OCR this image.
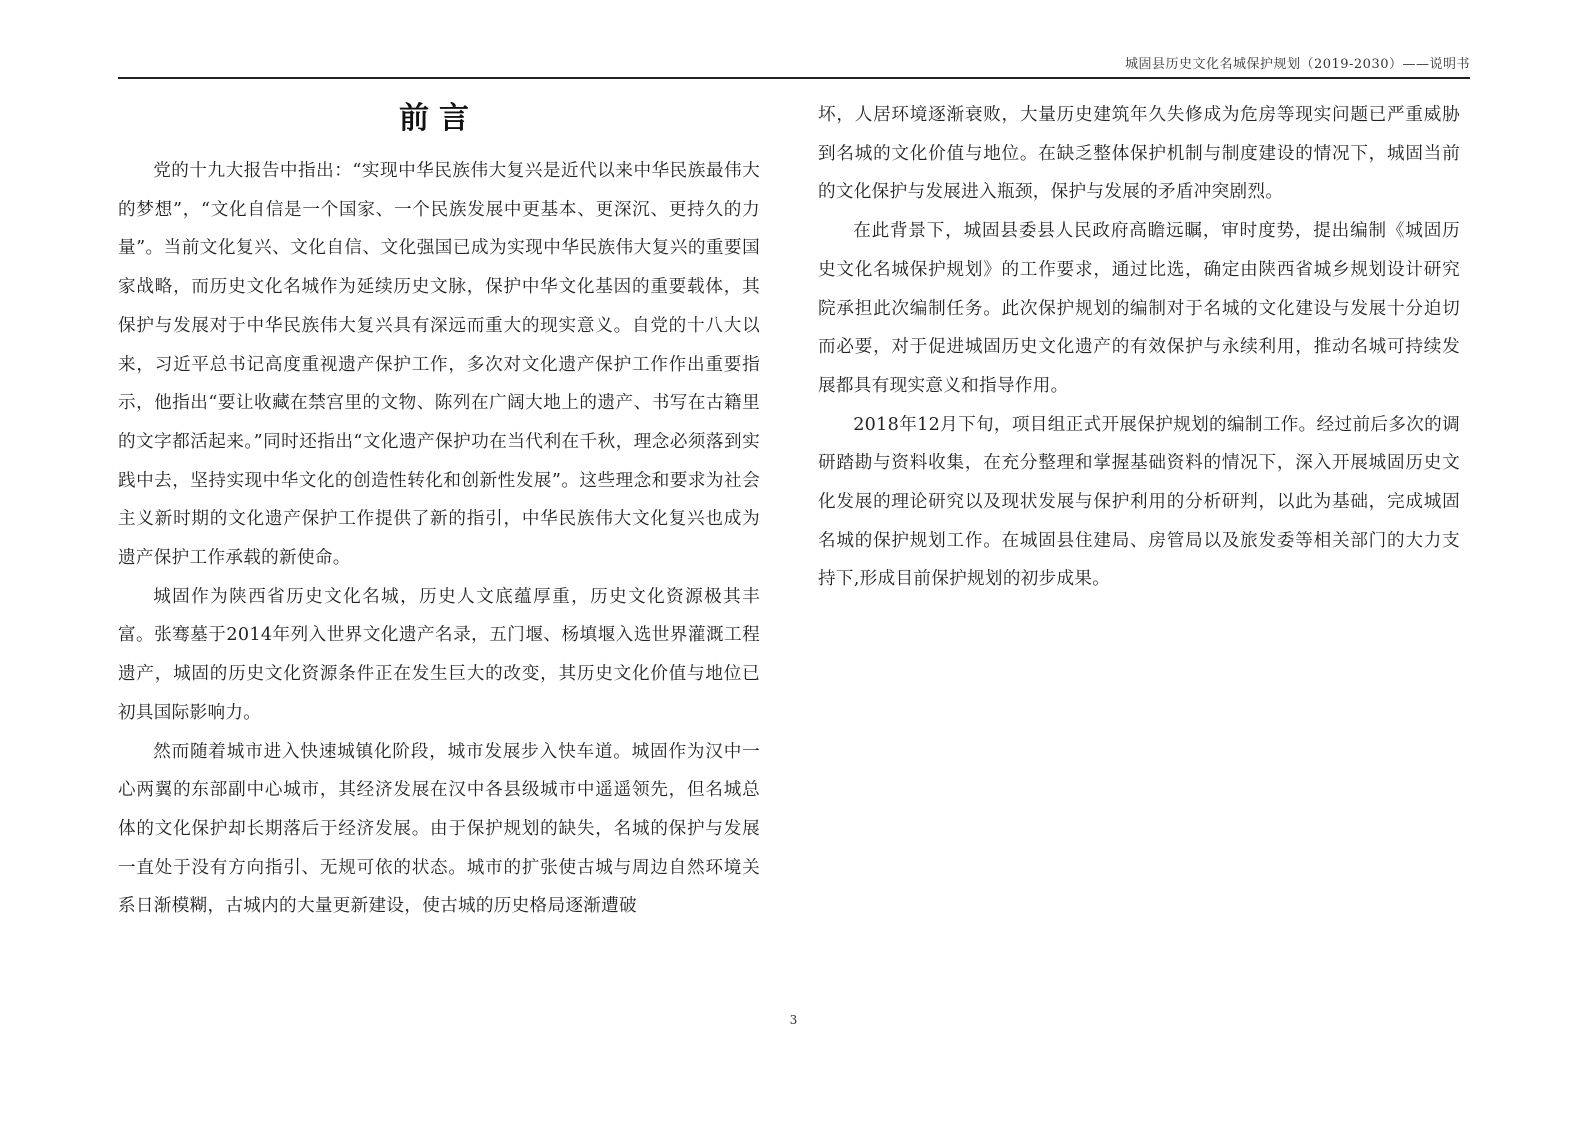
城固县历史文化名城保护规划（2019-2030）——说明书
前言

党的十九大报告中指出：“实现中华民族伟大复兴是近代以来中华民族最伟大的梦想”，“文化自信是一个国家、一个民族发展中更基本、更深沉、更持久的力量”。当前文化复兴、文化自信、文化强国已成为实现中华民族伟大复兴的重要国家战略，而历史文化名城作为延续历史文脉，保护中华文化基因的重要载体，其保护与发展对于中华民族伟大复兴具有深远而重大的现实意义。自党的十八大以来，习近平总书记高度重视遗产保护工作，多次对文化遗产保护工作作出重要指示，他指出“要让收藏在禁宫里的文物、陈列在广阔大地上的遗产、书写在古籍里的文字都活起来。”同时还指出“文化遗产保护功在当代利在千秋，理念必须落到实践中去，坚持实现中华文化的创造性转化和创新性发展”。这些理念和要求为社会主义新时期的文化遗产保护工作提供了新的指引，中华民族伟大文化复兴也成为遗产保护工作承载的新使命。

城固作为陕西省历史文化名城，历史人文底蕴厚重，历史文化资源极其丰富。张骞墓于2014年列入世界文化遗产名录，五门堰、杨填堰入选世界灌溉工程遗产，城固的历史文化资源条件正在发生巨大的改变，其历史文化价值与地位已初具国际影响力。

然而随着城市进入快速城镇化阶段，城市发展步入快车道。城固作为汉中一心两翼的东部副中心城市，其经济发展在汉中各县级城市中遥遥领先，但名城总体的文化保护却长期落后于经济发展。由于保护规划的缺失，名城的保护与发展一直处于没有方向指引、无规可依的状态。城市的扩张使古城与周边自然环境关系日渐模糊，古城内的大量更新建设，使古城的历史格局逐渐遭破

坏，人居环境逐渐衰败，大量历史建筑年久失修成为危房等现实问题已严重威胁到名城的文化价值与地位。在缺乏整体保护机制与制度建设的情况下，城固当前的文化保护与发展进入瓶颈，保护与发展的矛盾冲突剧烈。

在此背景下，城固县委县人民政府高瞻远瞩，审时度势，提出编制《城固历史文化名城保护规划》的工作要求，通过比选，确定由陕西省城乡规划设计研究院承担此次编制任务。此次保护规划的编制对于名城的文化建设与发展十分迫切而必要，对于促进城固历史文化遗产的有效保护与永续利用，推动名城可持续发展都具有现实意义和指导作用。

2018年12月下旬，项目组正式开展保护规划的编制工作。经过前后多次的调研踏勘与资料收集，在充分整理和掌握基础资料的情况下，深入开展城固历史文化发展的理论研究以及现状发展与保护利用的分析研判，以此为基础，完成城固名城的保护规划工作。在城固县住建局、房管局以及旅发委等相关部门的大力支持下,形成目前保护规划的初步成果。

3
